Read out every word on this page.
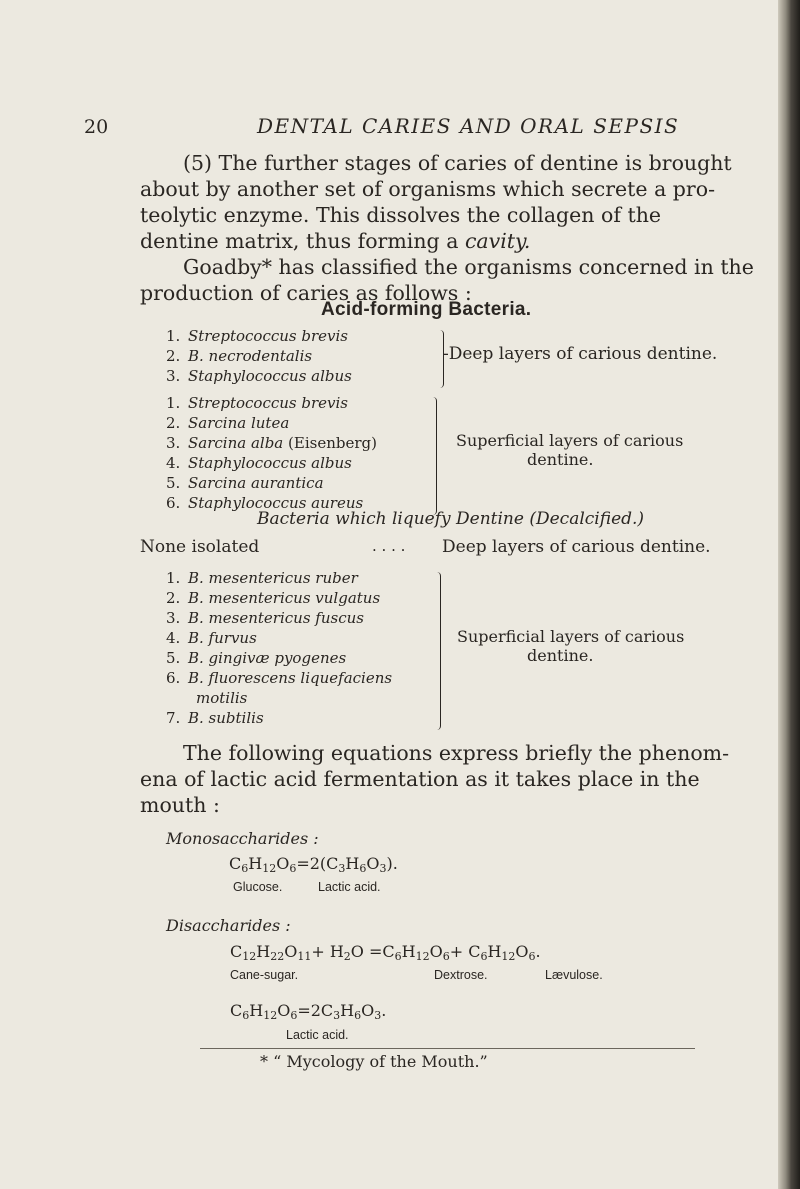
20	DENTAL CARIES AND ORAL SEPSIS
(5) The further stages of caries of dentine is brought
about by another set of organisms which secrete a pro-
teolytic enzyme. This dissolves the collagen of the
dentine matrix, thus forming a cavity.
Goadby* has classified the organisms concerned in the
production of caries as follows :
Acid-forming Bacteria.
1. Streptococcus brevis
2. B. necrodentalis
3. Staphylococcus albus
-Deep layers of carious dentine.
1. Streptococcus brevis
2. Sarcina lutea
3. Sarcina alba (Eisenberg)
4. Staphylococcus albus
5. Sarcina aurantica
6. Staphylococcus aureus
Superficial layers of carious
dentine.
Bacteria which liquefy Dentine (Decalcified.)
None isolated	. . . . Deep layers of carious dentine.
1. B. mesentericus ruber
2. B. mesentericus vulgatus
3. B. mesentericus fuscus
4. B. furvus
5. B. gingivæ pyogenes
6. B. fluorescens liquefaciens
motilis
7. B. subtilis
Superficial layers of carious
dentine.
The following equations express briefly the phenom-
ena of lactic acid fermentation as it takes place in the
mouth :
Monosaccharides :
$C_6H_{12}O_6=2(C_3H_6O_3)$.
Glucose.	Lactic acid.
Disaccharides :
$C_{12}H_{22}O_{11}+ H_2O =C_6H_{12}O_6+ C_6H_{12}O_6$.
Cane-sugar.	Dextrose.	Lævulose.
$C_6H_{12}O_6=2C_3H_6O_3$.
Lactic acid.
* “ Mycology of the Mouth.”
